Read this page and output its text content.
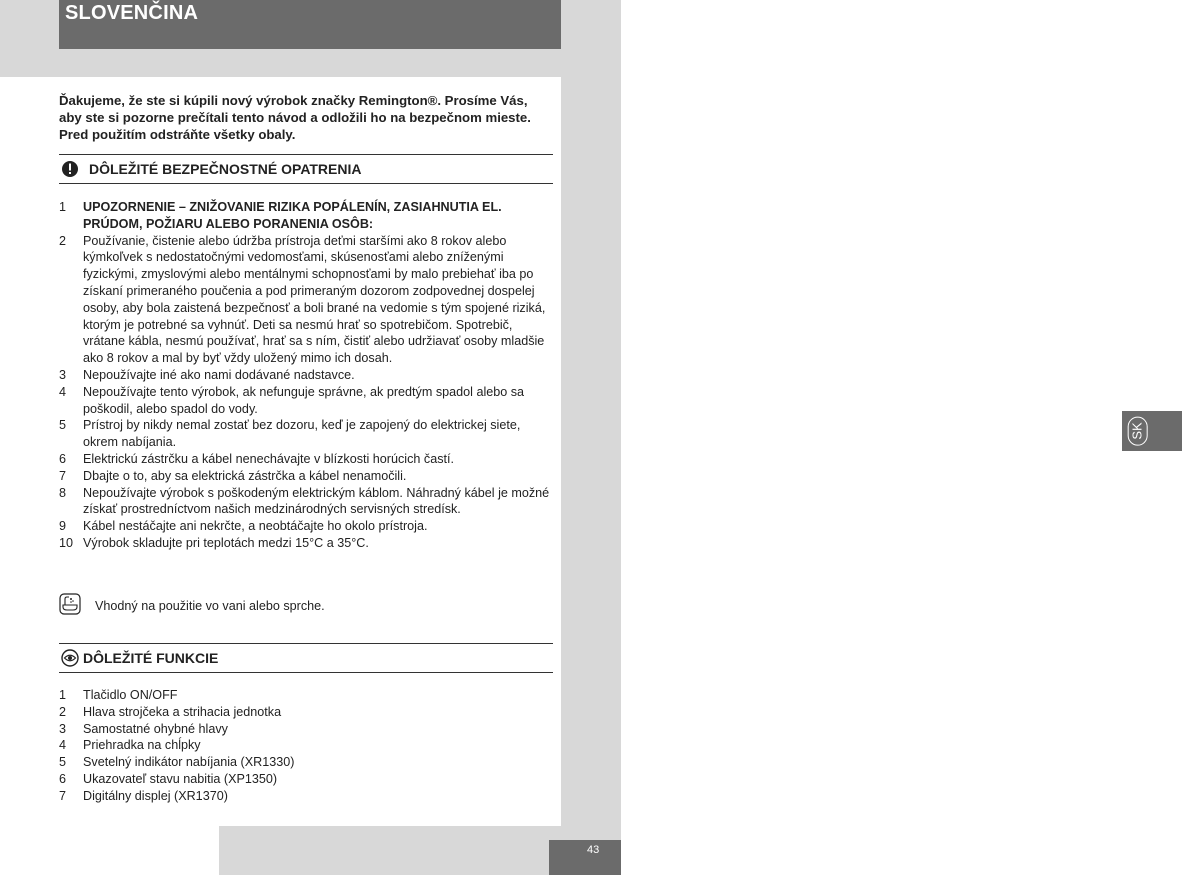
SLOVENČINA
GB
D
NL
F
E
I
DK
S
FIN
P
SK
CZ
PL
HUN
RU
TR
RO
GR
SL
HR
AE
Ďakujeme, že ste si kúpili nový výrobok značky Remington®. Prosíme Vás, aby ste si pozorne prečítali tento návod a odložili ho na bezpečnom mieste. Pred použitím odstráňte všetky obaly.
DÔLEŽITÉ BEZPEČNOSTNÉ OPATRENIA
1	UPOZORNENIE – ZNIŽOVANIE RIZIKA POPÁLENÍN, ZASIAHNUTIA EL. PRÚDOM, POŽIARU ALEBO PORANENIA OSÔB:
2	Používanie, čistenie alebo údržba prístroja deťmi staršími ako 8 rokov alebo kýmkoľvek s nedostatočnými vedomosťami, skúsenosťami alebo zníženými fyzickými, zmyslovými alebo mentálnymi schopnosťami by malo prebiehať iba po získaní primeraného poučenia a pod primeraným dozorom zodpovednej dospelej osoby, aby bola zaistená bezpečnosť a boli brané na vedomie s tým spojené riziká, ktorým je potrebné sa vyhnúť. Deti sa nesmú hrať so spotrebičom. Spotrebič, vrátane kábla, nesmú používať, hrať sa s ním, čistiť alebo udržiavať osoby mladšie ako 8 rokov a mal by byť vždy uložený mimo ich dosah.
3	Nepoužívajte iné ako nami dodávané nadstavce.
4	Nepoužívajte tento výrobok, ak nefunguje správne, ak predtým spadol alebo sa poškodil, alebo spadol do vody.
5	Prístroj by nikdy nemal zostať bez dozoru, keď je zapojený do elektrickej siete, okrem nabíjania.
6	Elektrickú zástrčku a kábel nenechávajte v blízkosti horúcich častí.
7	Dbajte o to, aby sa elektrická zástrčka a kábel nenamočili.
8	Nepoužívajte výrobok s poškodeným elektrickým káblom. Náhradný kábel je možné získať prostredníctvom našich medzinárodných servisných stredísk.
9	Kábel nestáčajte ani nekrčte, a neobtáčajte ho okolo prístroja.
10 Výrobok skladujte pri teplotách medzi 15°C a 35°C.
Vhodný na použitie vo vani alebo sprche.
DÔLEŽITÉ FUNKCIE
1	Tlačidlo ON/OFF
2	Hlava strojčeka a strihacia jednotka
3	Samostatné ohybné hlavy
4	Priehradka na chĺpky
5	Svetelný indikátor nabíjania (XR1330)
6	Ukazovateľ stavu nabitia (XP1350)
7	Digitálny displej (XR1370)
43
